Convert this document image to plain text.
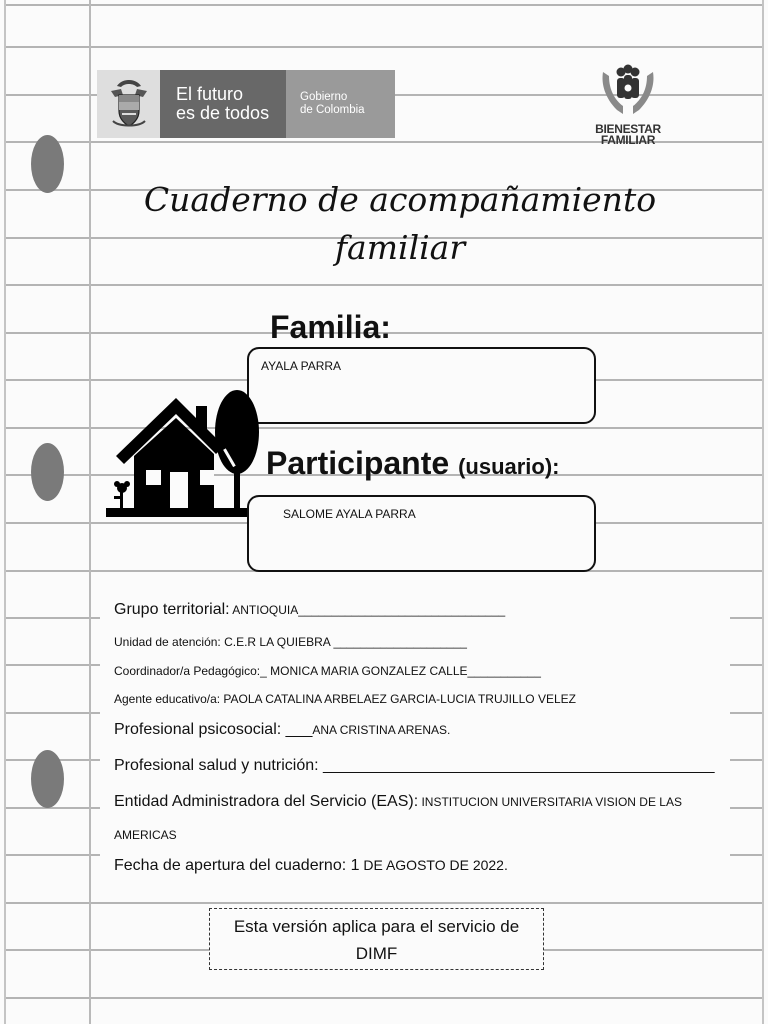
El futuro
es de todos
Gobierno
de Colombia
BIENESTAR
FAMILIAR
Cuaderno de acompañamiento
familiar
Familia:
AYALA PARRA
Participante (usuario):
SALOME AYALA PARRA
Grupo territorial: ANTIOQUIA_______________________________
Unidad de atención: C.E.R LA QUIEBRA ____________________
Coordinador/a Pedagógico:_ MONICA MARIA GONZALEZ CALLE___________
Agente educativo/a: PAOLA CATALINA ARBELAEZ GARCIA-LUCIA TRUJILLO VELEZ
Profesional psicosocial: ___ANA CRISTINA ARENAS.
Profesional salud y nutrición: ____________________________________________
Entidad Administradora del Servicio (EAS): INSTITUCION UNIVERSITARIA VISION DE LAS
AMERICAS
Fecha de apertura del cuaderno: 1 DE AGOSTO DE 2022.
Esta versión aplica para el servicio de
DIMF
